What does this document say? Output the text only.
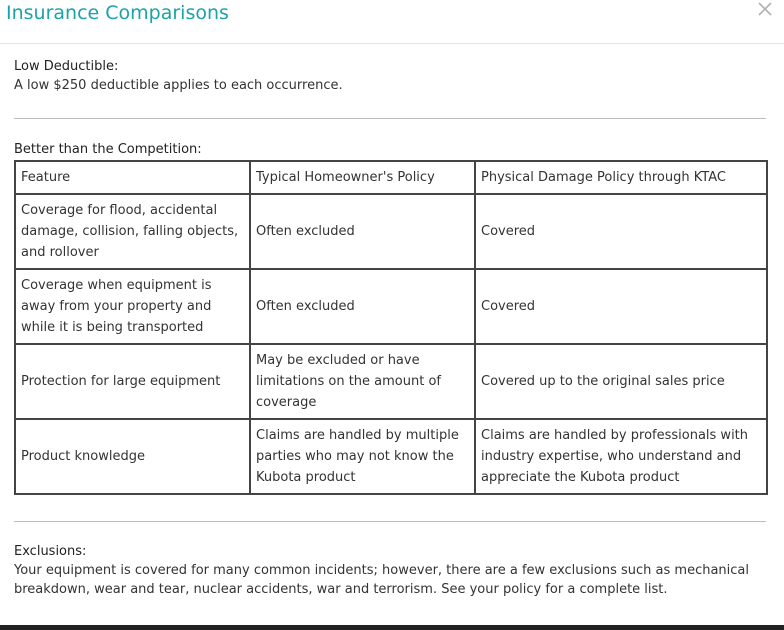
Insurance Comparisons
Low Deductible:
A low $250 deductible applies to each occurrence.
Better than the Competition:
Feature	Typical Homeowner's Policy	Physical Damage Policy through KTAC
Coverage for flood, accidental damage, collision, falling objects, and rollover	Often excluded	Covered
Coverage when equipment is away from your property and while it is being transported	Often excluded	Covered
Protection for large equipment	May be excluded or have limitations on the amount of coverage	Covered up to the original sales price
Product knowledge	Claims are handled by multiple parties who may not know the Kubota product	Claims are handled by professionals with industry expertise, who understand and appreciate the Kubota product
Exclusions:
Your equipment is covered for many common incidents; however, there are a few exclusions such as mechanical breakdown, wear and tear, nuclear accidents, war and terrorism. See your policy for a complete list.
